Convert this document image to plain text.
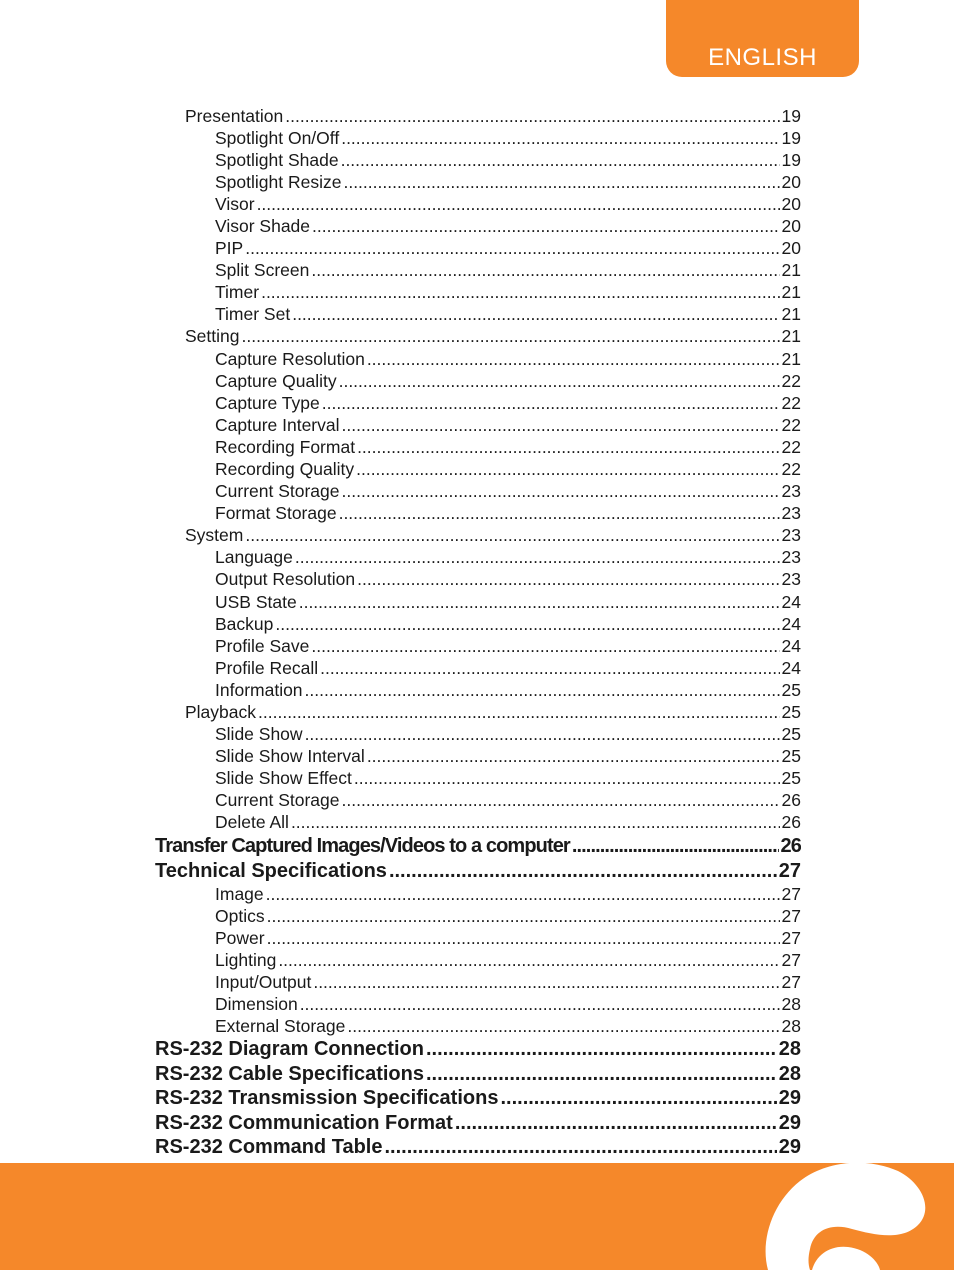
ENGLISH
Presentation .....	19
Spotlight On/Off .....	19
Spotlight Shade .....	19
Spotlight Resize .....	20
Visor .....	20
Visor Shade .....	20
PIP .....	20
Split Screen .....	21
Timer .....	21
Timer Set .....	21
Setting .....	21
Capture Resolution .....	21
Capture Quality .....	22
Capture Type .....	22
Capture Interval .....	22
Recording Format .....	22
Recording Quality .....	22
Current Storage .....	23
Format Storage .....	23
System .....	23
Language .....	23
Output Resolution .....	23
USB State .....	24
Backup .....	24
Profile Save .....	24
Profile Recall .....	24
Information .....	25
Playback .....	25
Slide Show .....	25
Slide Show Interval .....	25
Slide Show Effect .....	25
Current Storage .....	26
Delete All .....	26
Transfer Captured Images/Videos to a computer .....	26
Technical Specifications .....	27
Image .....	27
Optics .....	27
Power .....	27
Lighting .....	27
Input/Output .....	27
Dimension .....	28
External Storage .....	28
RS-232 Diagram Connection .....	28
RS-232 Cable Specifications .....	28
RS-232 Transmission Specifications .....	29
RS-232 Communication Format .....	29
RS-232 Command Table .....	29
